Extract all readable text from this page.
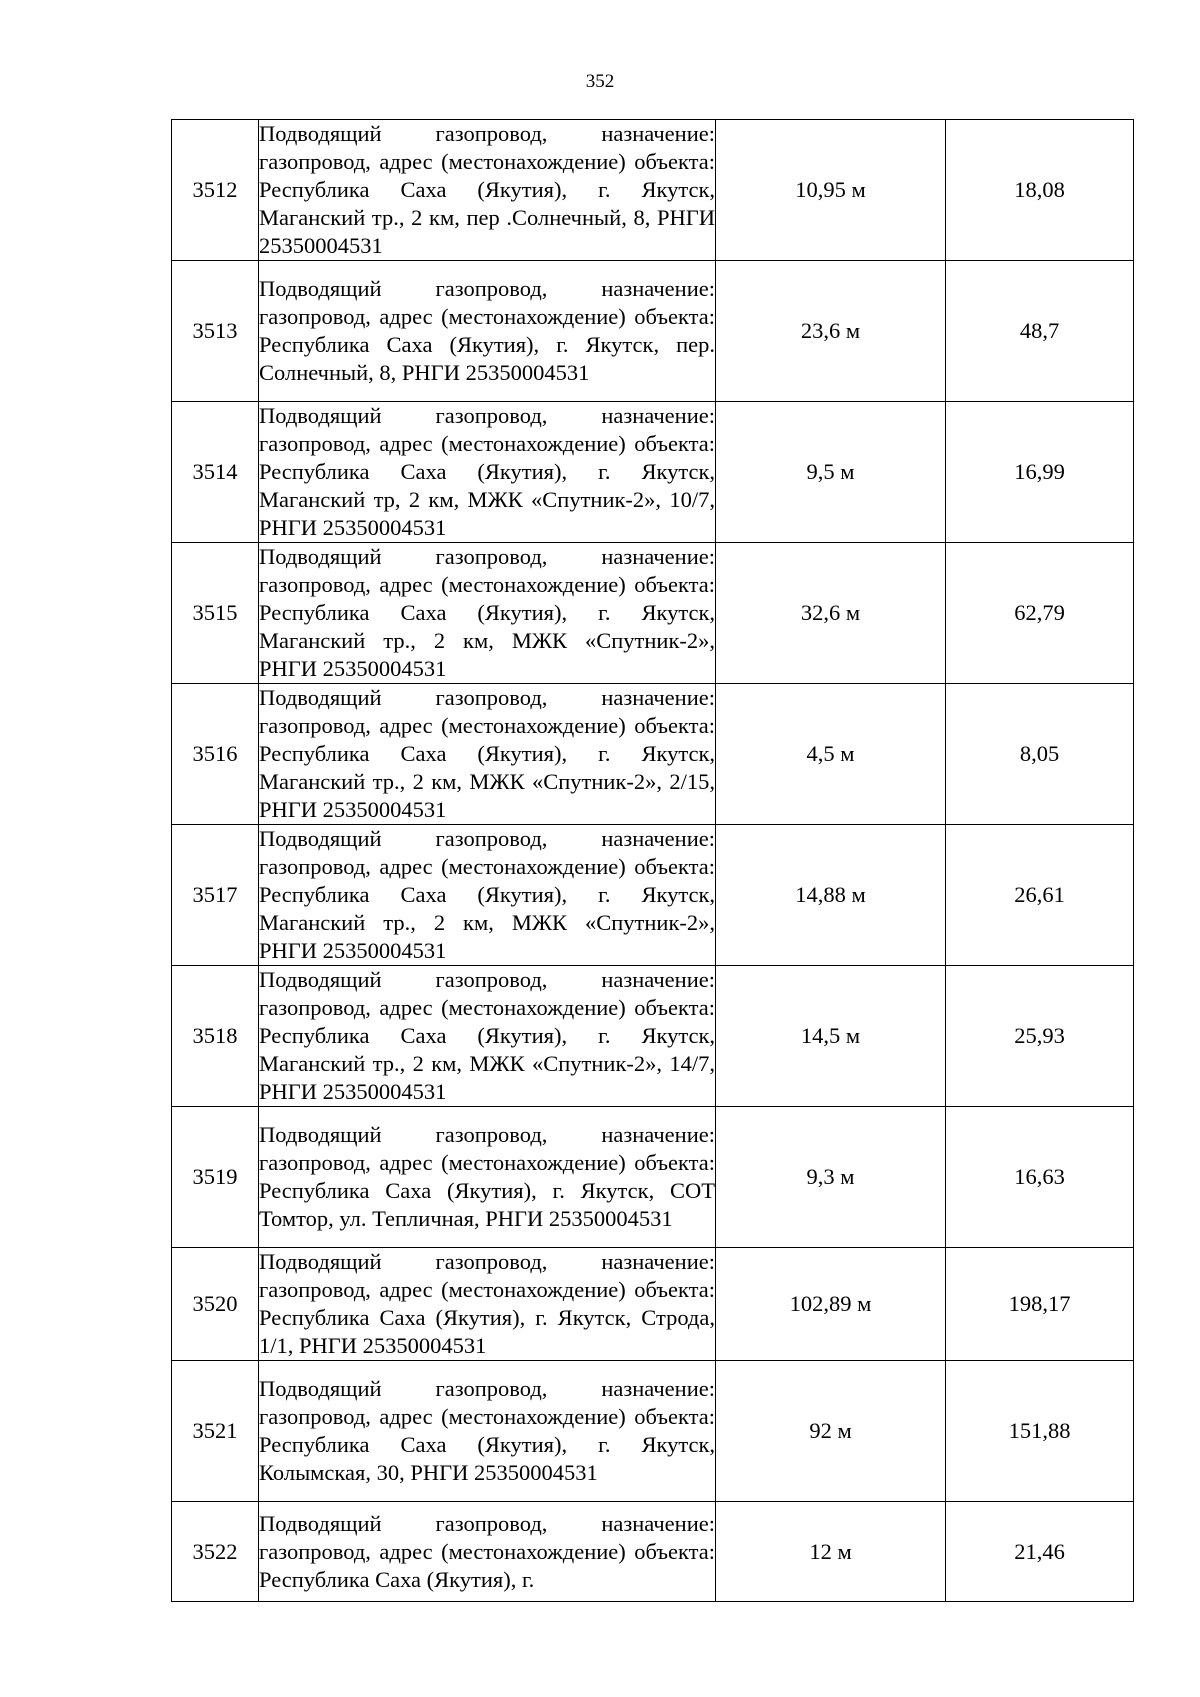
352
3512	Подводящий газопровод, назначение: газопровод, адрес (местонахождение) объекта: Республика Саха (Якутия), г. Якутск, Маганский тр., 2 км, пер .Солнечный, 8, РНГИ 25350004531	10,95 м	18,08
3513	Подводящий газопровод, назначение: газопровод, адрес (местонахождение) объекта: Республика Саха (Якутия), г. Якутск, пер. Солнечный, 8, РНГИ 25350004531	23,6 м	48,7
3514	Подводящий газопровод, назначение: газопровод, адрес (местонахождение) объекта: Республика Саха (Якутия), г. Якутск, Маганский тр, 2 км, МЖК «Спутник-2», 10/7, РНГИ 25350004531	9,5 м	16,99
3515	Подводящий газопровод, назначение: газопровод, адрес (местонахождение) объекта: Республика Саха (Якутия), г. Якутск, Маганский тр., 2 км, МЖК «Спутник-2», РНГИ 25350004531	32,6 м	62,79
3516	Подводящий газопровод, назначение: газопровод, адрес (местонахождение) объекта: Республика Саха (Якутия), г. Якутск, Маганский тр., 2 км, МЖК «Спутник-2», 2/15, РНГИ 25350004531	4,5 м	8,05
3517	Подводящий газопровод, назначение: газопровод, адрес (местонахождение) объекта: Республика Саха (Якутия), г. Якутск, Маганский тр., 2 км, МЖК «Спутник-2», РНГИ 25350004531	14,88 м	26,61
3518	Подводящий газопровод, назначение: газопровод, адрес (местонахождение) объекта: Республика Саха (Якутия), г. Якутск, Маганский тр., 2 км, МЖК «Спутник-2», 14/7, РНГИ 25350004531	14,5 м	25,93
3519	Подводящий газопровод, назначение: газопровод, адрес (местонахождение) объекта: Республика Саха (Якутия), г. Якутск, СОТ Томтор, ул. Тепличная, РНГИ 25350004531	9,3 м	16,63
3520	Подводящий газопровод, назначение: газопровод, адрес (местонахождение) объекта: Республика Саха (Якутия), г. Якутск, Строда, 1/1, РНГИ 25350004531	102,89 м	198,17
3521	Подводящий газопровод, назначение: газопровод, адрес (местонахождение) объекта: Республика Саха (Якутия), г. Якутск, Колымская, 30, РНГИ 25350004531	92 м	151,88
3522	Подводящий газопровод, назначение: газопровод, адрес (местонахождение) объекта: Республика Саха (Якутия), г.	12 м	21,46
